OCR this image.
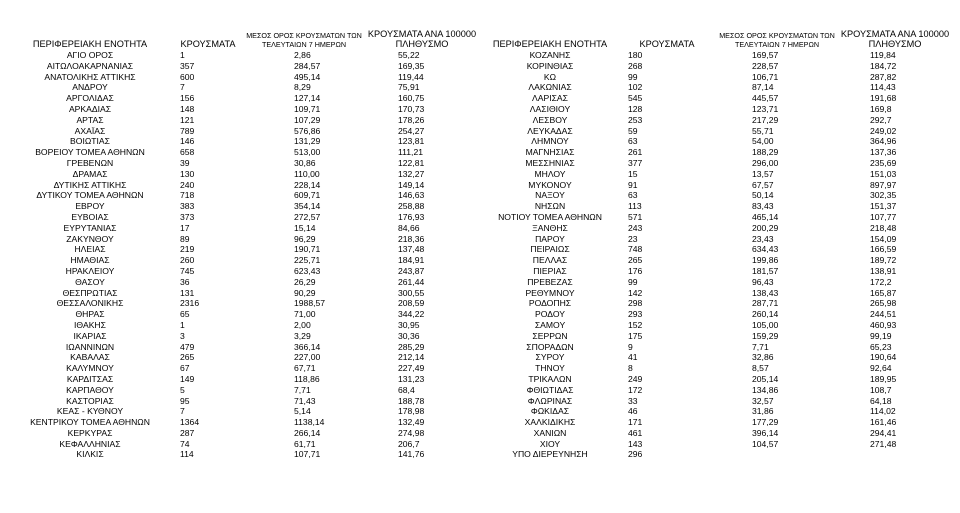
ΠΕΡΙΦΕΡΕΙΑΚΗ ΕΝΟΤΗΤΑ	ΚΡΟΥΣΜΑΤΑ	ΜΕΣΟΣ ΟΡΟΣ ΚΡΟΥΣΜΑΤΩΝ ΤΩΝ ΤΕΛΕΥΤΑΙΩΝ 7 ΗΜΕΡΩΝ	ΚΡΟΥΣΜΑΤΑ ΑΝΑ 100000 ΠΛΗΘΥΣΜΟ
ΑΓΙΟ ΟΡΟΣ	1	2,86	55,22
ΑΙΤΩΛΟΑΚΑΡΝΑΝΙΑΣ	357	284,57	169,35
ΑΝΑΤΟΛΙΚΗΣ ΑΤΤΙΚΗΣ	600	495,14	119,44
ΑΝΔΡΟΥ	7	8,29	75,91
ΑΡΓΟΛΙΔΑΣ	156	127,14	160,75
ΑΡΚΑΔΙΑΣ	148	109,71	170,73
ΑΡΤΑΣ	121	107,29	178,26
ΑΧΑΪΑΣ	789	576,86	254,27
ΒΟΙΩΤΙΑΣ	146	131,29	123,81
ΒΟΡΕΙΟΥ ΤΟΜΕΑ ΑΘΗΝΩΝ	658	513,00	111,21
ΓΡΕΒΕΝΩΝ	39	30,86	122,81
ΔΡΑΜΑΣ	130	110,00	132,27
ΔΥΤΙΚΗΣ ΑΤΤΙΚΗΣ	240	228,14	149,14
ΔΥΤΙΚΟΥ ΤΟΜΕΑ ΑΘΗΝΩΝ	718	609,71	146,63
ΕΒΡΟΥ	383	354,14	258,88
ΕΥΒΟΙΑΣ	373	272,57	176,93
ΕΥΡΥΤΑΝΙΑΣ	17	15,14	84,66
ΖΑΚΥΝΘΟΥ	89	96,29	218,36
ΗΛΕΙΑΣ	219	190,71	137,48
ΗΜΑΘΙΑΣ	260	225,71	184,91
ΗΡΑΚΛΕΙΟΥ	745	623,43	243,87
ΘΑΣΟΥ	36	26,29	261,44
ΘΕΣΠΡΩΤΙΑΣ	131	90,29	300,55
ΘΕΣΣΑΛΟΝΙΚΗΣ	2316	1988,57	208,59
ΘΗΡΑΣ	65	71,00	344,22
ΙΘΑΚΗΣ	1	2,00	30,95
ΙΚΑΡΙΑΣ	3	3,29	30,36
ΙΩΑΝΝΙΝΩΝ	479	366,14	285,29
ΚΑΒΑΛΑΣ	265	227,00	212,14
ΚΑΛΥΜΝΟΥ	67	67,71	227,49
ΚΑΡΔΙΤΣΑΣ	149	118,86	131,23
ΚΑΡΠΑΘΟΥ	5	7,71	68,4
ΚΑΣΤΟΡΙΑΣ	95	71,43	188,78
ΚΕΑΣ - ΚΥΘΝΟΥ	7	5,14	178,98
ΚΕΝΤΡΙΚΟΥ ΤΟΜΕΑ ΑΘΗΝΩΝ	1364	1138,14	132,49
ΚΕΡΚΥΡΑΣ	287	266,14	274,98
ΚΕΦΑΛΛΗΝΙΑΣ	74	61,71	206,7
ΚΙΛΚΙΣ	114	107,71	141,76
ΠΕΡΙΦΕΡΕΙΑΚΗ ΕΝΟΤΗΤΑ	ΚΡΟΥΣΜΑΤΑ	ΜΕΣΟΣ ΟΡΟΣ ΚΡΟΥΣΜΑΤΩΝ ΤΩΝ ΤΕΛΕΥΤΑΙΩΝ 7 ΗΜΕΡΩΝ	ΚΡΟΥΣΜΑΤΑ ΑΝΑ 100000 ΠΛΗΘΥΣΜΟ
ΚΟΖΑΝΗΣ	180	169,57	119,84
ΚΟΡΙΝΘΙΑΣ	268	228,57	184,72
ΚΩ	99	106,71	287,82
ΛΑΚΩΝΙΑΣ	102	87,14	114,43
ΛΑΡΙΣΑΣ	545	445,57	191,68
ΛΑΣΙΘΙΟΥ	128	123,71	169,8
ΛΕΣΒΟΥ	253	217,29	292,7
ΛΕΥΚΑΔΑΣ	59	55,71	249,02
ΛΗΜΝΟΥ	63	54,00	364,96
ΜΑΓΝΗΣΙΑΣ	261	188,29	137,36
ΜΕΣΣΗΝΙΑΣ	377	296,00	235,69
ΜΗΛΟΥ	15	13,57	151,03
ΜΥΚΟΝΟΥ	91	67,57	897,97
ΝΑΞΟΥ	63	50,14	302,35
ΝΗΣΩΝ	113	83,43	151,37
ΝΟΤΙΟΥ ΤΟΜΕΑ ΑΘΗΝΩΝ	571	465,14	107,77
ΞΑΝΘΗΣ	243	200,29	218,48
ΠΑΡΟΥ	23	23,43	154,09
ΠΕΙΡΑΙΩΣ	748	634,43	166,59
ΠΕΛΛΑΣ	265	199,86	189,72
ΠΙΕΡΙΑΣ	176	181,57	138,91
ΠΡΕΒΕΖΑΣ	99	96,43	172,2
ΡΕΘΥΜΝΟΥ	142	138,43	165,87
ΡΟΔΟΠΗΣ	298	287,71	265,98
ΡΟΔΟΥ	293	260,14	244,51
ΣΑΜΟΥ	152	105,00	460,93
ΣΕΡΡΩΝ	175	159,29	99,19
ΣΠΟΡΑΔΩΝ	9	7,71	65,23
ΣΥΡΟΥ	41	32,86	190,64
ΤΗΝΟΥ	8	8,57	92,64
ΤΡΙΚΑΛΩΝ	249	205,14	189,95
ΦΘΙΩΤΙΔΑΣ	172	134,86	108,7
ΦΛΩΡΙΝΑΣ	33	32,57	64,18
ΦΩΚΙΔΑΣ	46	31,86	114,02
ΧΑΛΚΙΔΙΚΗΣ	171	177,29	161,46
ΧΑΝΙΩΝ	461	396,14	294,41
ΧΙΟΥ	143	104,57	271,48
ΥΠΟ ΔΙΕΡΕΥΝΗΣΗ	296		
